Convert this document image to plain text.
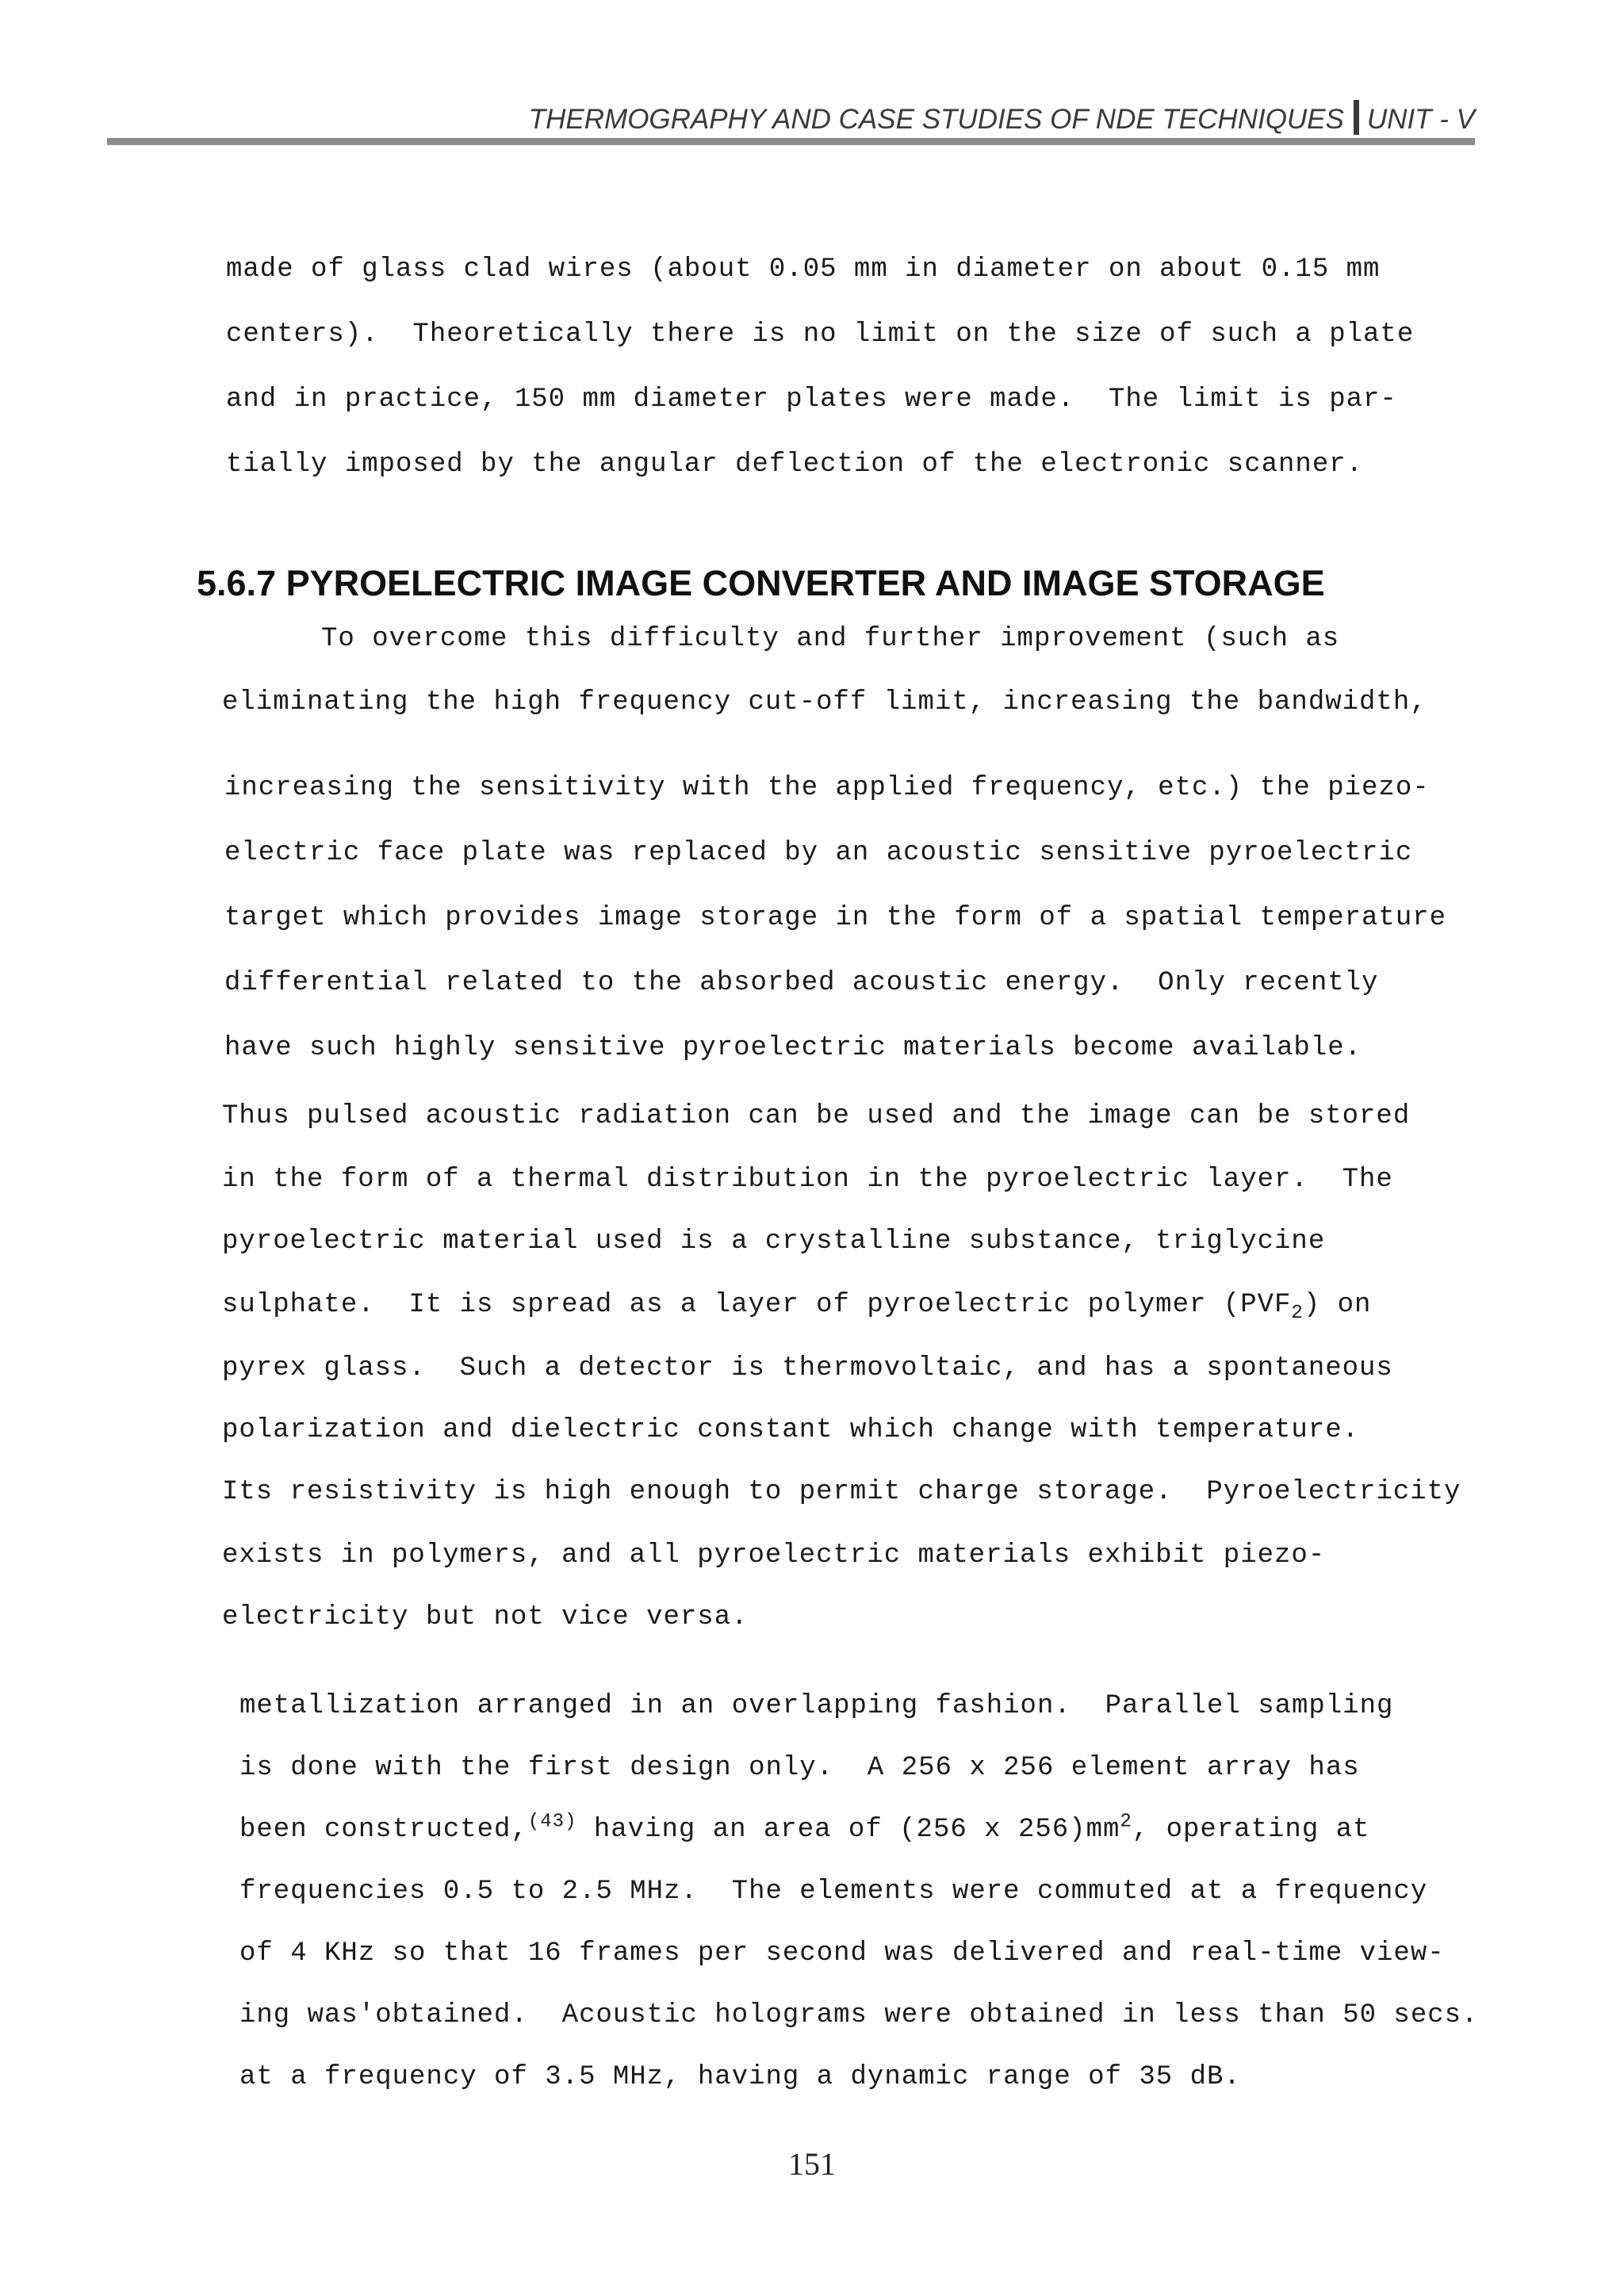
THERMOGRAPHY AND CASE STUDIES OF NDE TECHNIQUES UNIT - V
made of glass clad wires (about 0.05 mm in diameter on about 0.15 mm
centers).  Theoretically there is no limit on the size of such a plate
and in practice, 150 mm diameter plates were made.  The limit is par-
tially imposed by the angular deflection of the electronic scanner.
5.6.7 PYROELECTRIC IMAGE CONVERTER AND IMAGE STORAGE
To overcome this difficulty and further improvement (such as
eliminating the high frequency cut-off limit, increasing the bandwidth,
increasing the sensitivity with the applied frequency, etc.) the piezo-
electric face plate was replaced by an acoustic sensitive pyroelectric
target which provides image storage in the form of a spatial temperature
differential related to the absorbed acoustic energy.  Only recently
have such highly sensitive pyroelectric materials become available.
Thus pulsed acoustic radiation can be used and the image can be stored
in the form of a thermal distribution in the pyroelectric layer.  The
pyroelectric material used is a crystalline substance, triglycine
sulphate.  It is spread as a layer of pyroelectric polymer $(PVF_2)$ on
pyrex glass.  Such a detector is thermovoltaic, and has a spontaneous
polarization and dielectric constant which change with temperature.
Its resistivity is high enough to permit charge storage.  Pyroelectricity
exists in polymers, and all pyroelectric materials exhibit piezo-
electricity but not vice versa.
metallization arranged in an overlapping fashion.  Parallel sampling
is done with the first design only.  A 256 x 256 element array has
been constructed,$^{(43)}$ having an area of (256 x $256)mm^2$, operating at
frequencies 0.5 to 2.5 MHz.  The elements were commuted at a frequency
of 4 KHz so that 16 frames per second was delivered and real-time view-
ing was'obtained.  Acoustic holograms were obtained in less than 50 secs.
at a frequency of 3.5 MHz, having a dynamic range of 35 dB.
151
